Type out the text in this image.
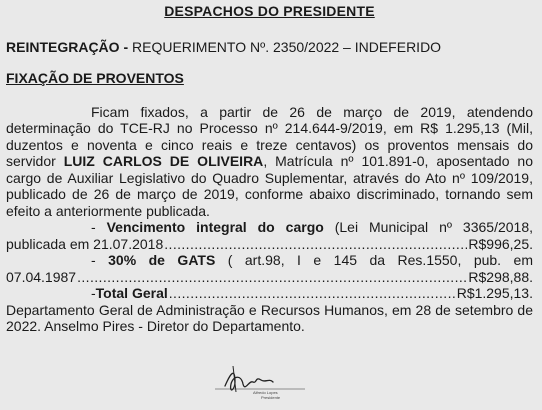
DESPACHOS DO PRESIDENTE

REINTEGRAÇÃO - REQUERIMENTO Nº. 2350/2022 – INDEFERIDO
FIXAÇÃO DE PROVENTOS
Ficam fixados, a partir de 26 de março de 2019, atendendo determinação do TCE-RJ no Processo nº 214.644-9/2019, em R$ 1.295,13 (Mil, duzentos e noventa e cinco reais e treze centavos) os proventos mensais do servidor LUIZ CARLOS DE OLIVEIRA, Matrícula nº 101.891-0, aposentado no cargo de Auxiliar Legislativo do Quadro Suplementar, através do Ato nº 109/2019, publicado de 26 de março de 2019, conforme abaixo discriminado, tornando sem efeito a anteriormente publicada.
- Vencimento integral do cargo (Lei Municipal nº 3365/2018,
publicada em 21.07.2018 .....	R$996,25.
- 30% de GATS ( art.98, I e 145 da Res.1550, pub. em
07.04.1987 .....	R$298,88.
- Total Geral .....	R$1.295,13.
Departamento Geral de Administração e Recursos Humanos, em 28 de setembro de 2022. Anselmo Pires - Diretor do Departamento.
Alfredo Lopes
Presidente
